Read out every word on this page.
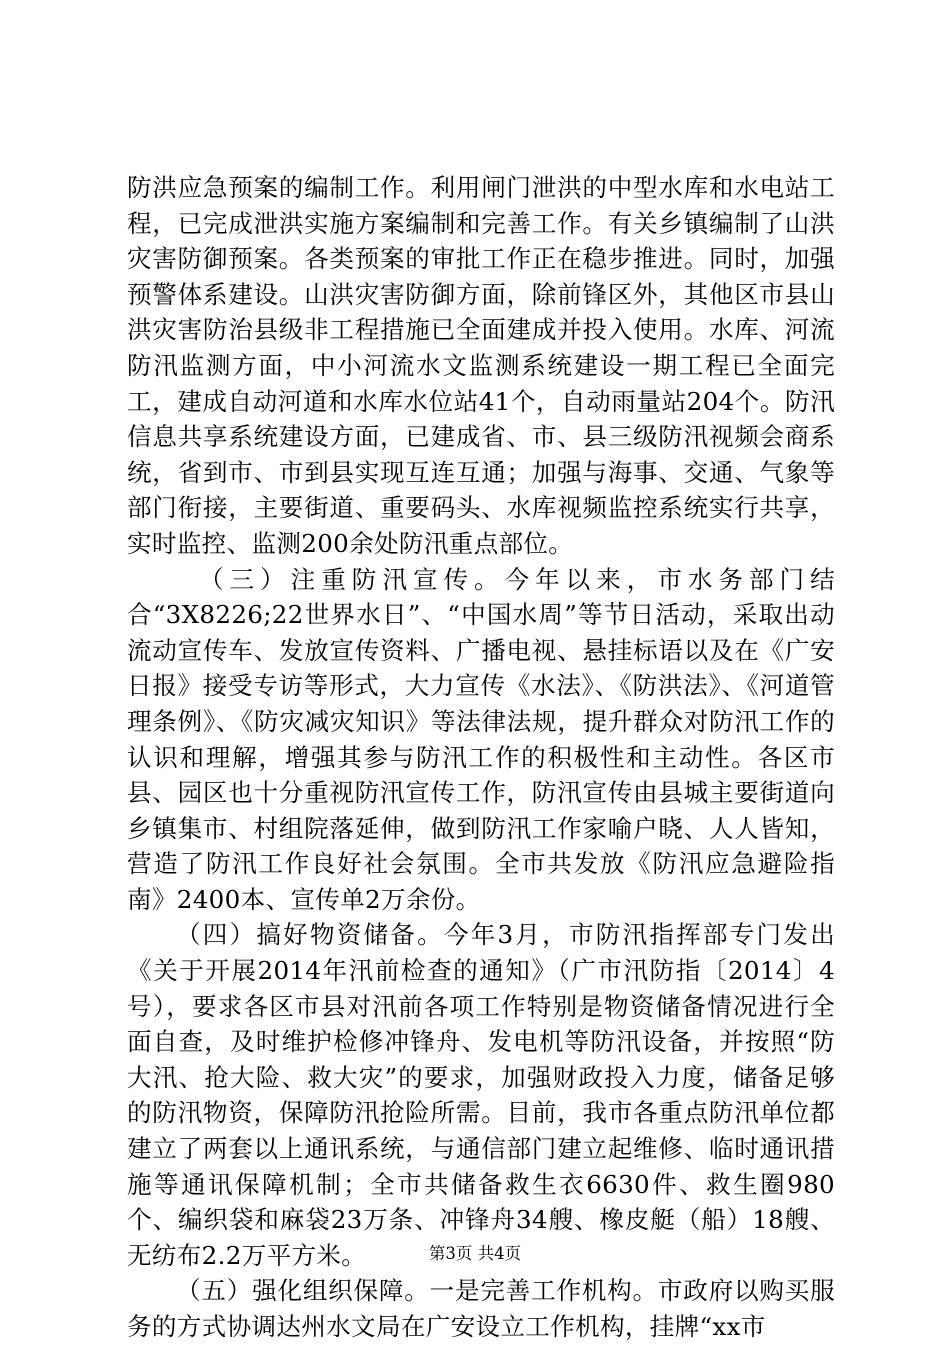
防洪应急预案的编制工作。利用闸门泄洪的中型水库和水电站工程，已完成泄洪实施方案编制和完善工作。有关乡镇编制了山洪灾害防御预案。各类预案的审批工作正在稳步推进。同时，加强预警体系建设。山洪灾害防御方面，除前锋区外，其他区市县山洪灾害防治县级非工程措施已全面建成并投入使用。水库、河流防汛监测方面，中小河流水文监测系统建设一期工程已全面完工，建成自动河道和水库水位站41个，自动雨量站204个。防汛信息共享系统建设方面，已建成省、市、县三级防汛视频会商系统，省到市、市到县实现互连互通；加强与海事、交通、气象等部门衔接，主要街道、重要码头、水库视频监控系统实行共享，实时监控、监测200余处防汛重点部位。

（三）注重防汛宣传。今年以来，市水务部门结合“3X8226;22世界水日”、“中国水周”等节日活动，采取出动流动宣传车、发放宣传资料、广播电视、悬挂标语以及在《广安日报》接受专访等形式，大力宣传《水法》、《防洪法》、《河道管理条例》、《防灾减灾知识》等法律法规，提升群众对防汛工作的认识和理解，增强其参与防汛工作的积极性和主动性。各区市县、园区也十分重视防汛宣传工作，防汛宣传由县城主要街道向乡镇集市、村组院落延伸，做到防汛工作家喻户晓、人人皆知，营造了防汛工作良好社会氛围。全市共发放《防汛应急避险指南》2400本、宣传单2万余份。

（四）搞好物资储备。今年3月，市防汛指挥部专门发出《关于开展2014年汛前检查的通知》（广市汛防指〔2014〕4号），要求各区市县对汛前各项工作特别是物资储备情况进行全面自查，及时维护检修冲锋舟、发电机等防汛设备，并按照“防大汛、抢大险、救大灾”的要求，加强财政投入力度，储备足够的防汛物资，保障防汛抢险所需。目前，我市各重点防汛单位都建立了两套以上通讯系统，与通信部门建立起维修、临时通讯措施等通讯保障机制；全市共储备救生衣6630件、救生圈980个、编织袋和麻袋23万条、冲锋舟34艘、橡皮艇（船）18艘、无纺布2.2万平方米。

（五）强化组织保障。一是完善工作机构。市政府以购买服务的方式协调达州水文局在广安设立工作机构，挂牌“xx市

第3页 共4页
